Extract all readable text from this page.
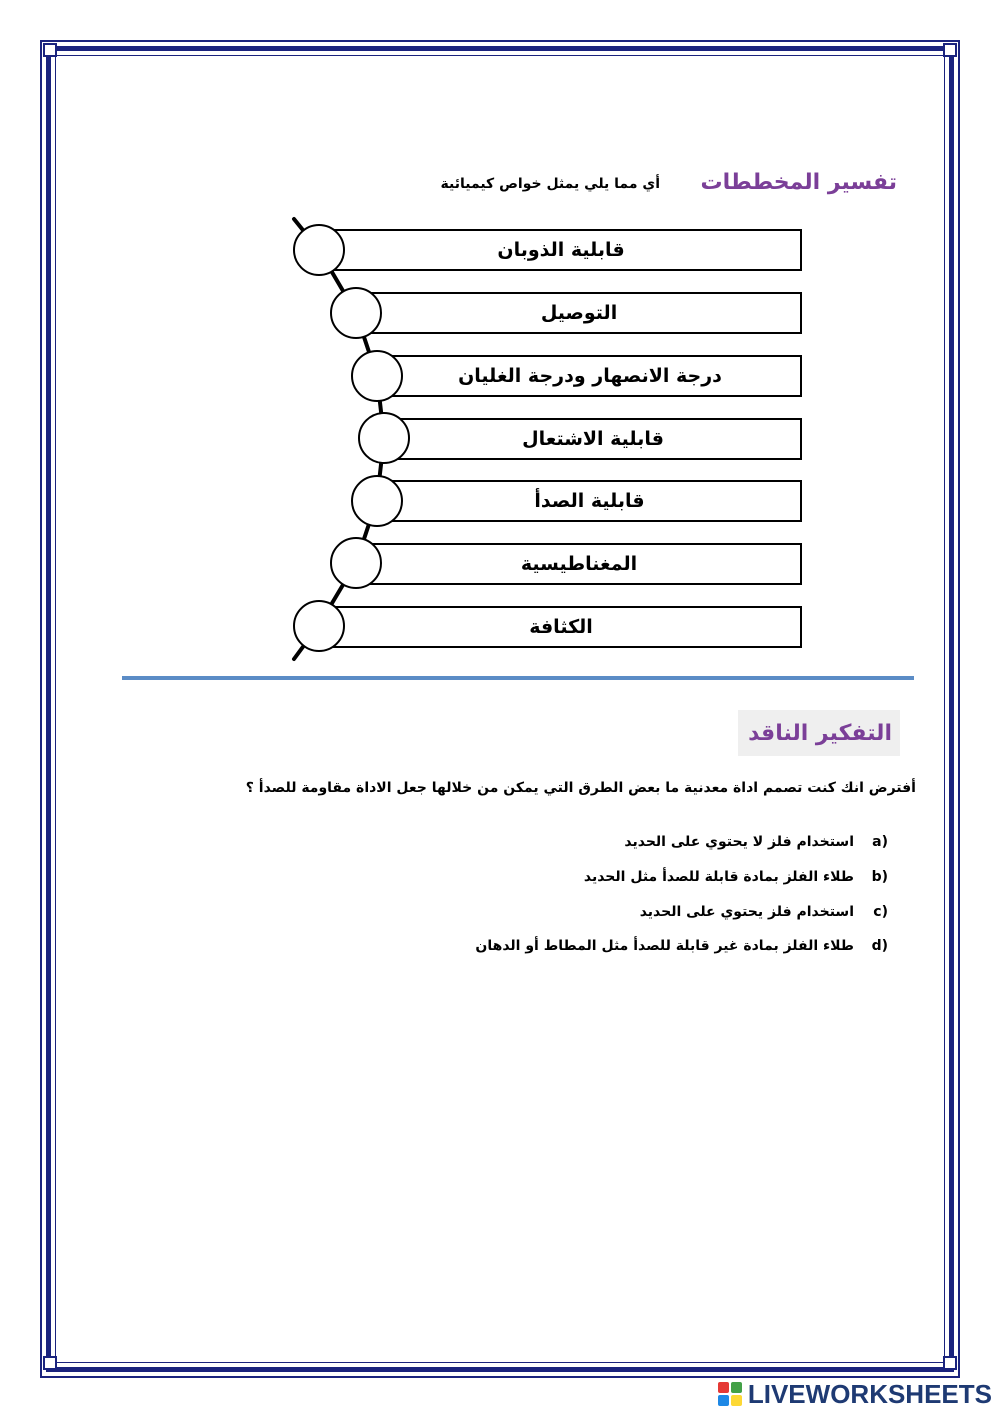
تفسير المخططات
أي مما يلي يمثل خواص كيميائية
قابلية الذوبان
التوصيل
درجة الانصهار ودرجة الغليان
قابلية الاشتعال
قابلية الصدأ
المغناطيسية
الكثافة
التفكير الناقد
أفترض انك كنت تصمم اداة معدنية ما بعض الطرق التي يمكن من خلالها جعل الاداة مقاومة للصدأ ؟
a)استخدام فلز لا يحتوي على الحديد
b)طلاء الفلز بمادة قابلة للصدأ مثل الحديد
c)استخدام فلز يحتوي على الحديد
d)طلاء الفلز بمادة غير قابلة للصدأ مثل المطاط أو الدهان
LIVEWORKSHEETS
